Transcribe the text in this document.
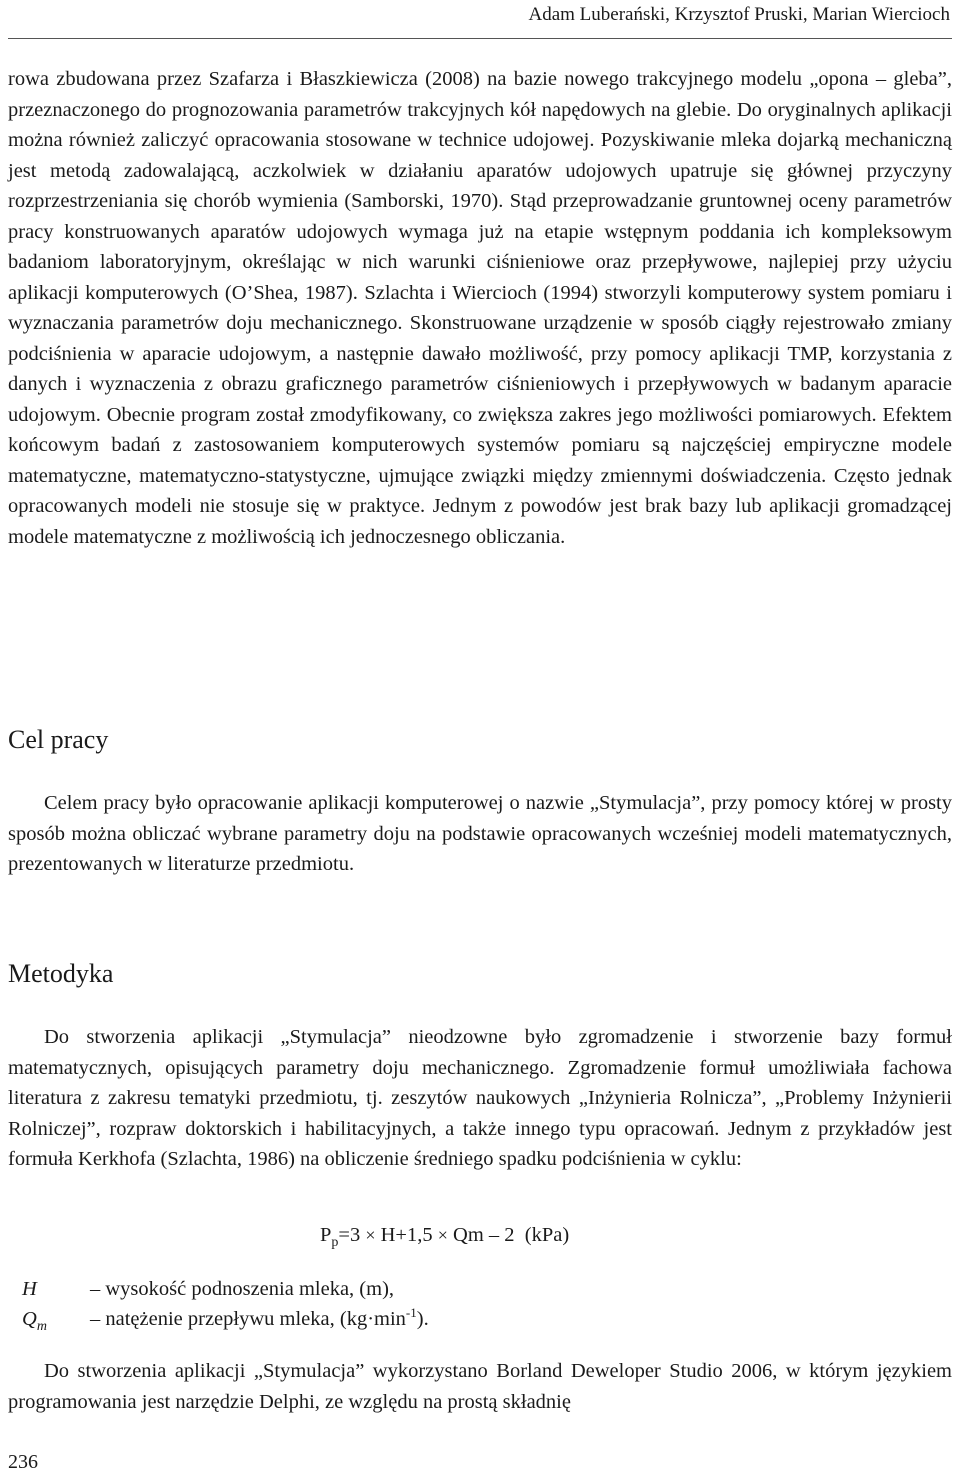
Adam Luberański, Krzysztof Pruski, Marian Wiercioch

rowa zbudowana przez Szafarza i Błaszkiewicza (2008) na bazie nowego trakcyjnego modelu „opona – gleba”, przeznaczonego do prognozowania parametrów trakcyjnych kół napędowych na glebie. Do oryginalnych aplikacji można również zaliczyć opracowania stosowane w technice udojowej. Pozyskiwanie mleka dojarką mechaniczną jest metodą zadowalającą, aczkolwiek w działaniu aparatów udojowych upatruje się głównej przyczyny rozprzestrzeniania się chorób wymienia (Samborski, 1970). Stąd przeprowadzanie gruntownej oceny parametrów pracy konstruowanych aparatów udojowych wymaga już na etapie wstępnym poddania ich kompleksowym badaniom laboratoryjnym, określając w nich warunki ciśnieniowe oraz przepływowe, najlepiej przy użyciu aplikacji komputerowych (O’Shea, 1987). Szlachta i Wiercioch (1994) stworzyli komputerowy system pomiaru i wyznaczania parametrów doju mechanicznego. Skonstruowane urządzenie w sposób ciągły rejestrowało zmiany podciśnienia w aparacie udojowym, a następnie dawało możliwość, przy pomocy aplikacji TMP, korzystania z danych i wyznaczenia z obrazu graficznego parametrów ciśnieniowych i przepływowych w badanym aparacie udojowym. Obecnie program został zmodyfikowany, co zwiększa zakres jego możliwości pomiarowych. Efektem końcowym badań z zastosowaniem komputerowych systemów pomiaru są najczęściej empiryczne modele matematyczne, matematyczno-statystyczne, ujmujące związki między zmiennymi doświadczenia. Często jednak opracowanych modeli nie stosuje się w praktyce. Jednym z powodów jest brak bazy lub aplikacji gromadzącej modele matematyczne z możliwością ich jednoczesnego obliczania.

Cel pracy

Celem pracy było opracowanie aplikacji komputerowej o nazwie „Stymulacja”, przy pomocy której w prosty sposób można obliczać wybrane parametry doju na podstawie opracowanych wcześniej modeli matematycznych, prezentowanych w literaturze przedmiotu.

Metodyka

Do stworzenia aplikacji „Stymulacja” nieodzowne było zgromadzenie i stworzenie bazy formuł matematycznych, opisujących parametry doju mechanicznego. Zgromadzenie formuł umożliwiała fachowa literatura z zakresu tematyki przedmiotu, tj. zeszytów naukowych „Inżynieria Rolnicza”, „Problemy Inżynierii Rolniczej”, rozpraw doktorskich i habilitacyjnych, a także innego typu opracowań. Jednym z przykładów jest formuła Kerkhofa (Szlachta, 1986) na obliczenie średniego spadku podciśnienia w cyklu:

$P_p=3 \times H+1,5 \times Qm - 2$ (kPa)
H	– wysokość podnoszenia mleka, (m),
$Q_m$ – natężenie przepływu mleka, $(kg\cdot\min^{-1})$.

Do stworzenia aplikacji „Stymulacja” wykorzystano Borland Deweloper Studio 2006, w którym językiem programowania jest narzędzie Delphi, ze względu na prostą składnię

236
